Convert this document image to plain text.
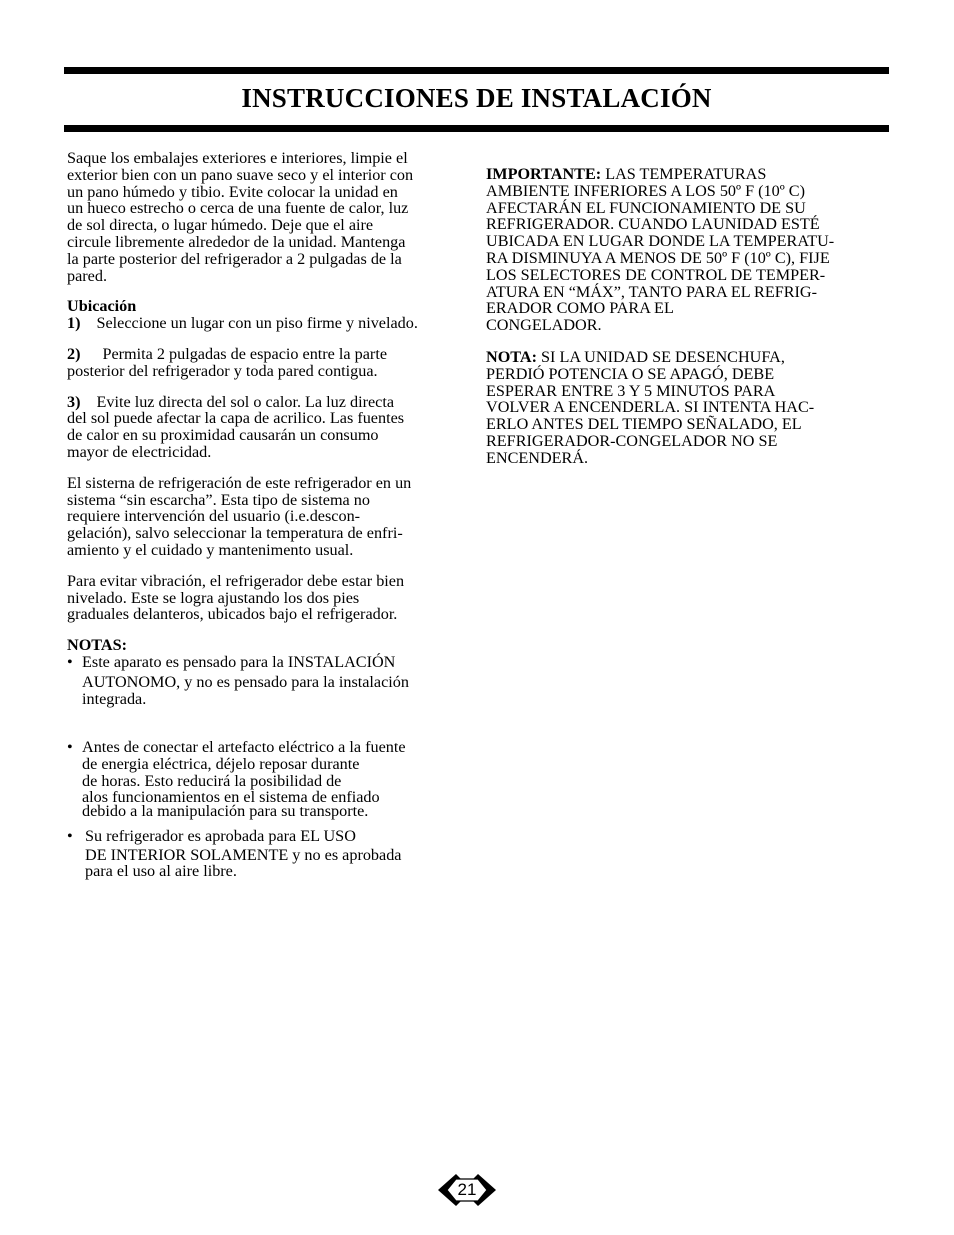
INSTRUCCIONES DE INSTALACIÓN
Saque los embalajes exteriores e interiores, limpie el
exterior bien con un pano suave seco y el interior con
un pano húmedo y tibio. Evite colocar la unidad en
un hueco estrecho o cerca de una fuente de calor, luz
de sol directa, o lugar húmedo. Deje que el aire
circule libremente alrededor de la unidad. Mantenga
la parte posterior del refrigerador a 2 pulgadas de la
pared.
Ubicación
1) Seleccione un lugar con un piso firme y nivelado.
2) Permita 2 pulgadas de espacio entre la parte
posterior del refrigerador y toda pared contigua.
3) Evite luz directa del sol o calor. La luz directa
del sol puede afectar la capa de acrilico. Las fuentes
de calor en su proximidad causarán un consumo
mayor de electricidad.
El sisterna de refrigeración de este refrigerador en un
sistema “sin escarcha”. Esta tipo de sistema no
requiere intervención del usuario (i.e.descon-
gelación), salvo seleccionar la temperatura de enfri-
amiento y el cuidado y mantenimento usual.
Para evitar vibración, el refrigerador debe estar bien
nivelado. Este se logra ajustando los dos pies
graduales delanteros, ubicados bajo el refrigerador.
NOTAS:
• Este aparato es pensado para la INSTALACIÓN
AUTONOMO, y no es pensado para la instalación
integrada.
• Antes de conectar el artefacto eléctrico a la fuente
de energia eléctrica, déjelo reposar durante
de horas. Esto reducirá la posibilidad de
alos funcionamientos en el sistema de enfiado
debido a la manipulación para su transporte.
• Su refrigerador es aprobada para EL USO
DE INTERIOR SOLAMENTE y no es aprobada
para el uso al aire libre.
IMPORTANTE: LAS TEMPERATURAS
AMBIENTE INFERIORES A LOS 50º F (10º C)
AFECTARÁN EL FUNCIONAMIENTO DE SU
REFRIGERADOR. CUANDO LAUNIDAD ESTÉ
UBICADA EN LUGAR DONDE LA TEMPERATU-
RA DISMINUYA A MENOS DE 50º F (10º C), FIJE
LOS SELECTORES DE CONTROL DE TEMPER-
ATURA EN “MÁX”, TANTO PARA EL REFRIG-
ERADOR COMO PARA EL
CONGELADOR.
NOTA: SI LA UNIDAD SE DESENCHUFA,
PERDIÓ POTENCIA O SE APAGÓ, DEBE
ESPERAR ENTRE 3 Y 5 MINUTOS PARA
VOLVER A ENCENDERLA. SI INTENTA HAC-
ERLO ANTES DEL TIEMPO SEÑALADO, EL
REFRIGERADOR-CONGELADOR NO SE
ENCENDERÁ.
21
